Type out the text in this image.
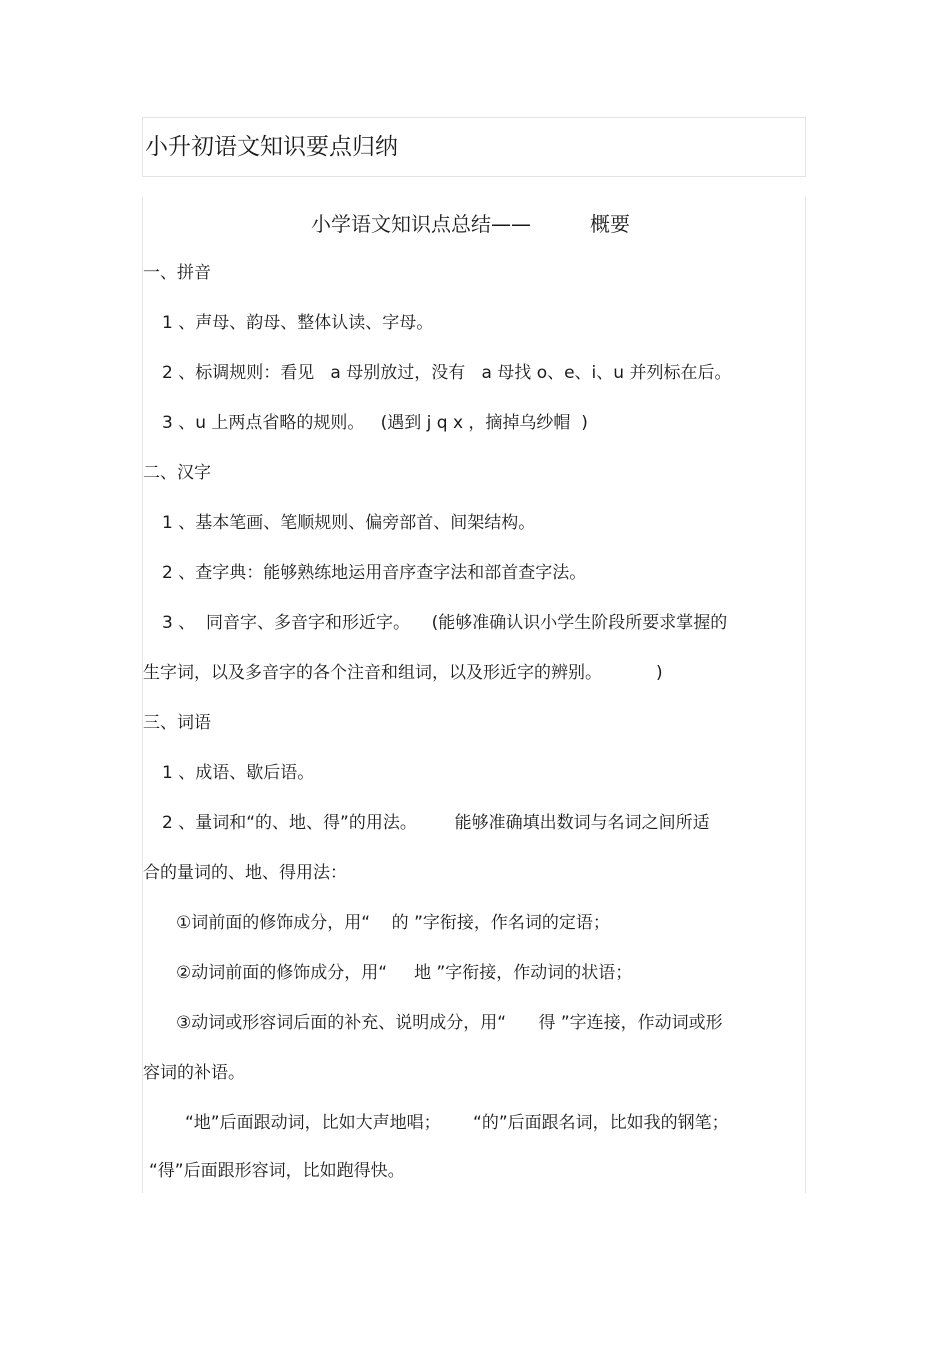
小升初语文知识要点归纳
小学语文知识点总结——	概要
一、拼音
1 、声母、韵母、整体认读、字母。
2 、标调规则：看见   a 母别放过，没有   a 母找 o、e、i、u 并列标在后。
3 、u 上两点省略的规则。   (遇到 j q x ，摘掉乌纱帽  )
二、汉字
1 、基本笔画、笔顺规则、偏旁部首、间架结构。
2 、查字典：能够熟练地运用音序查字法和部首查字法。
3 、  同音字、多音字和形近字。    (能够准确认识小学生阶段所要求掌握的
生字词，以及多音字的各个注音和组词，以及形近字的辨别。          )
三、词语
1 、成语、歇后语。
2 、量词和“的、地、得”的用法。       能够准确填出数词与名词之间所适
合的量词的、地、得用法：
①词前面的修饰成分，用“    的 ”字衔接，作名词的定语；
②动词前面的修饰成分，用“     地 ”字衔接，作动词的状语；
③动词或形容词后面的补充、说明成分，用“      得 ”字连接，作动词或形
容词的补语。
“地”后面跟动词，比如大声地唱；      “的”后面跟名词，比如我的钢笔；
“得”后面跟形容词，比如跑得快。
